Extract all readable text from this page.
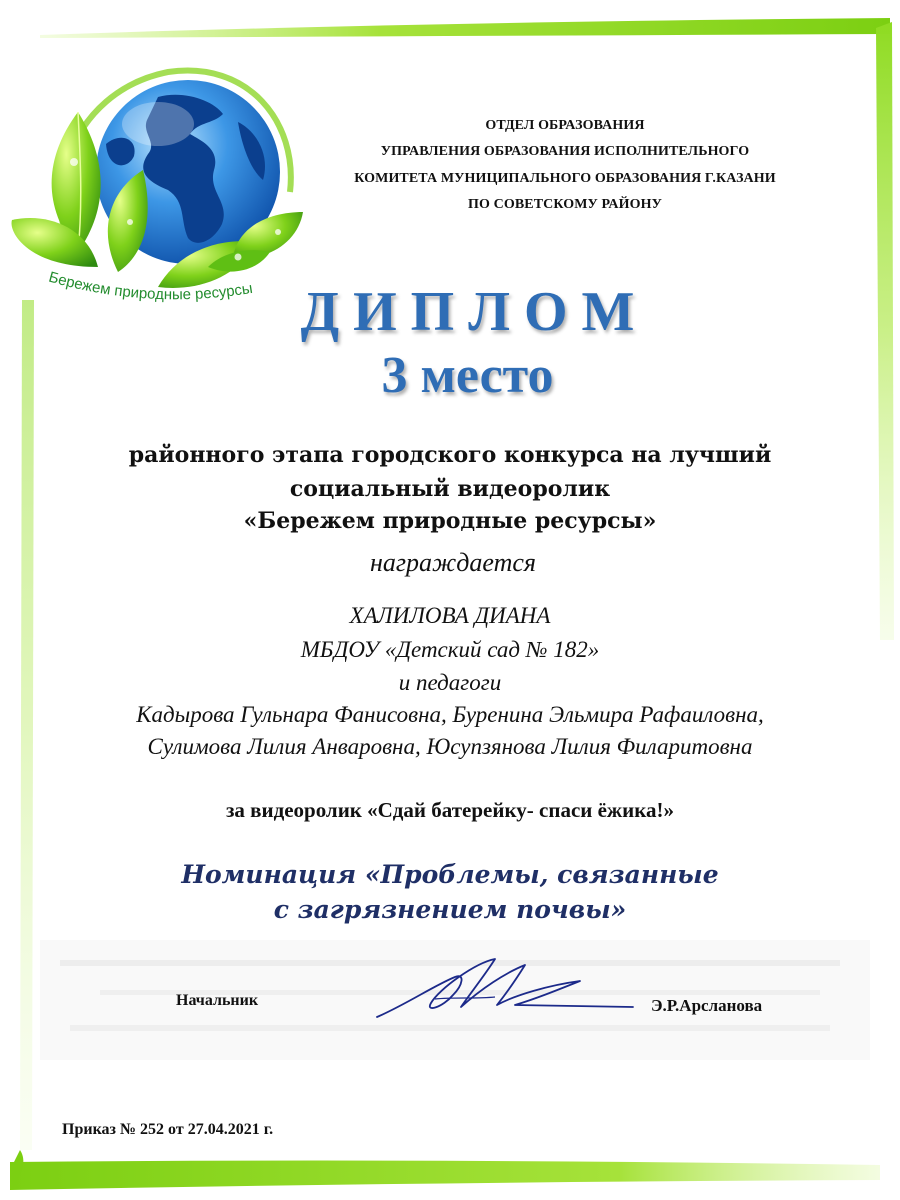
Бережем природные ресурсы
ОТДЕЛ ОБРАЗОВАНИЯ
УПРАВЛЕНИЯ ОБРАЗОВАНИЯ ИСПОЛНИТЕЛЬНОГО
КОМИТЕТА МУНИЦИПАЛЬНОГО ОБРАЗОВАНИЯ Г.КАЗАНИ
ПО СОВЕТСКОМУ РАЙОНУ
Д И П Л О М
3 место
районного этапа городского конкурса на лучший
социальный видеоролик
«Бережем природные ресурсы»
награждается
ХАЛИЛОВА ДИАНА
МБДОУ «Детский сад № 182»
и педагоги
Кадырова Гульнара Фанисовна, Буренина Эльмира Рафаиловна,
Сулимова Лилия Анваровна, Юсупзянова Лилия Филаритовна
за видеоролик «Сдай батерейку- спаси ёжика!»
Номинация «Проблемы, связанные
с загрязнением почвы»
Начальник	Э.Р.Арсланова
Приказ № 252 от 27.04.2021 г.
